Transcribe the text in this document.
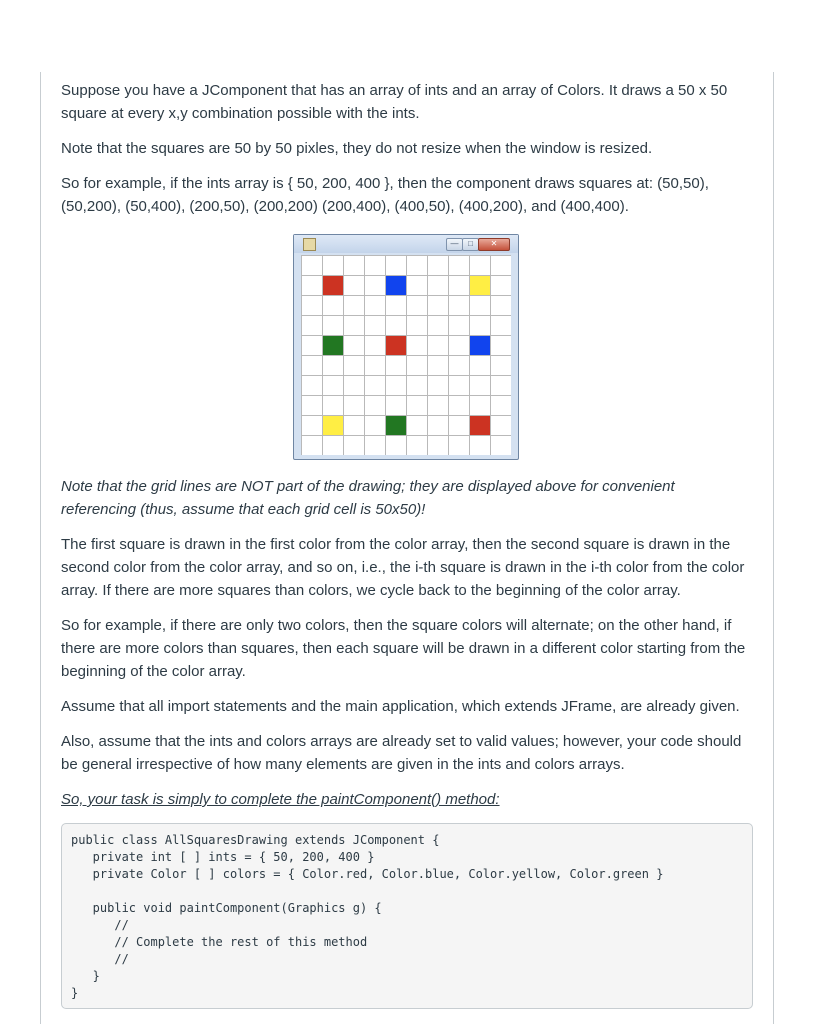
Suppose you have a JComponent that has an array of ints and an array of Colors. It draws a 50 x 50 square at every x,y combination possible with the ints.

Note that the squares are 50 by 50 pixles, they do not resize when the window is resized.

So for example, if the ints array is { 50, 200, 400 }, then the component draws squares at: (50,50), (50,200), (50,400), (200,50), (200,200) (200,400), (400,50), (400,200), and (400,400).

—	□	✕

Note that the grid lines are NOT part of the drawing; they are displayed above for convenient referencing (thus, assume that each grid cell is 50x50)!

The first square is drawn in the first color from the color array, then the second square is drawn in the second color from the color array, and so on, i.e., the i-th square is drawn in the i-th color from the color array. If there are more squares than colors, we cycle back to the beginning of the color array.

So for example, if there are only two colors, then the square colors will alternate; on the other hand, if there are more colors than squares, then each square will be drawn in a different color starting from the beginning of the color array.

Assume that all import statements and the main application, which extends JFrame, are already given.

Also, assume that the ints and colors arrays are already set to valid values; however, your code should be general irrespective of how many elements are given in the ints and colors arrays.

So, your task is simply to complete the paintComponent() method:

public class AllSquaresDrawing extends JComponent {
private int [ ] ints = { 50, 200, 400 }
private Color [ ] colors = { Color.red, Color.blue, Color.yellow, Color.green }

public void paintComponent(Graphics g) {
//
// Complete the rest of this method
//
}
}
